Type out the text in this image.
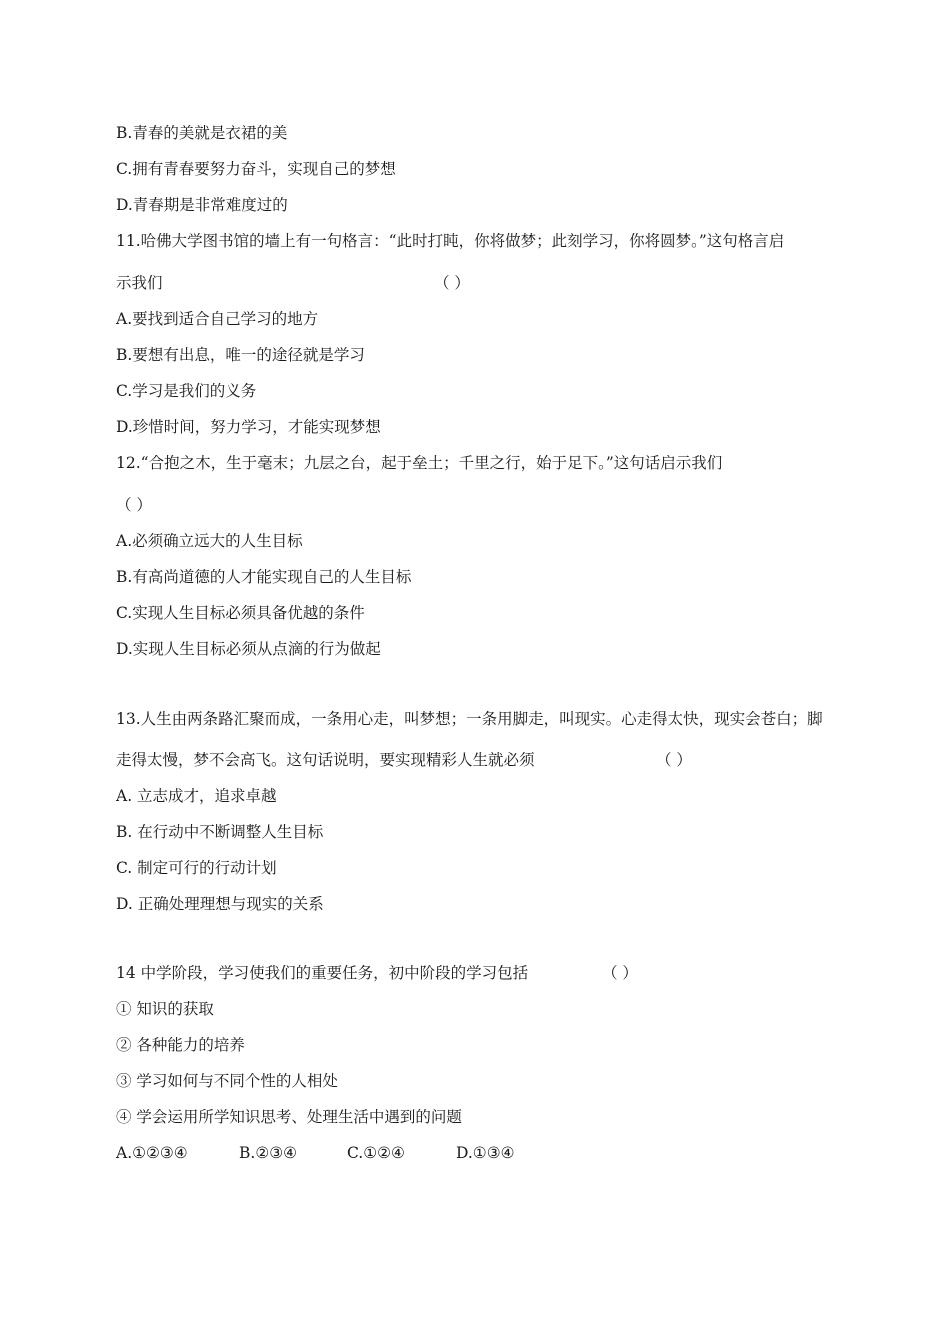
B.青春的美就是衣裙的美
C.拥有青春要努力奋斗，实现自己的梦想
D.青春期是非常难度过的
11.哈佛大学图书馆的墙上有一句格言：“此时打盹，你将做梦；此刻学习，你将圆梦。”这句格言启
示我们	（ ）
A.要找到适合自己学习的地方
B.要想有出息，唯一的途径就是学习
C.学习是我们的义务
D.珍惜时间，努力学习，才能实现梦想
12.“合抱之木，生于毫末；九层之台，起于垒土；千里之行，始于足下。”这句话启示我们
（ ）
A.必须确立远大的人生目标
B.有高尚道德的人才能实现自己的人生目标
C.实现人生目标必须具备优越的条件
D.实现人生目标必须从点滴的行为做起
13.人生由两条路汇聚而成，一条用心走，叫梦想；一条用脚走，叫现实。心走得太快，现实会苍白；脚
走得太慢，梦不会高飞。这句话说明，要实现精彩人生就必须	（ ）
A. 立志成才，追求卓越
B. 在行动中不断调整人生目标
C. 制定可行的行动计划
D. 正确处理理想与现实的关系
14 中学阶段，学习使我们的重要任务，初中阶段的学习包括	（ ）
① 知识的获取
② 各种能力的培养
③ 学习如何与不同个性的人相处
④ 学会运用所学知识思考、处理生活中遇到的问题
A.①②③④	B.②③④	C.①②④	D.①③④
